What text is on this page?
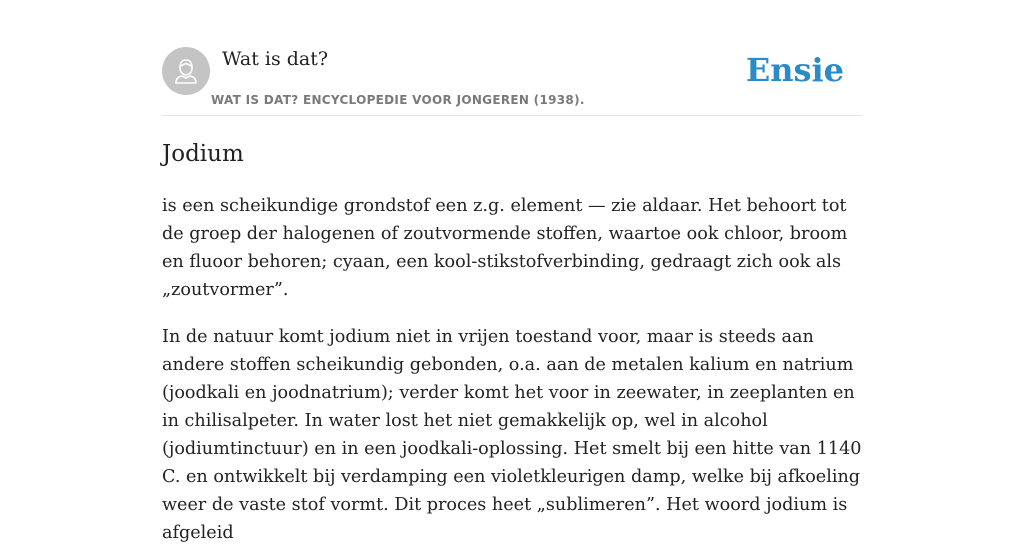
Wat is dat?
WAT IS DAT? ENCYCLOPEDIE VOOR JONGEREN (1938).
Ensie
Jodium

is een scheikundige grondstof een z.g. element — zie aldaar. Het behoort tot de groep der halogenen of zoutvormende stoffen, waartoe ook chloor, broom en fluoor behoren; cyaan, een kool-stikstofverbinding, gedraagt zich ook als „zoutvormer”.

In de natuur komt jodium niet in vrijen toestand voor, maar is steeds aan andere stoffen scheikundig gebonden, o.a. aan de metalen kalium en natrium (joodkali en joodnatrium); verder komt het voor in zeewater, in zeeplanten en in chilisalpeter. In water lost het niet gemakkelijk op, wel in alcohol (jodiumtinctuur) en in een joodkali-oplossing. Het smelt bij een hitte van 1140 C. en ontwikkelt bij verdamping een violetkleurigen damp, welke bij afkoeling weer de vaste stof vormt. Dit proces heet „sublimeren”. Het woord jodium is afgeleid
